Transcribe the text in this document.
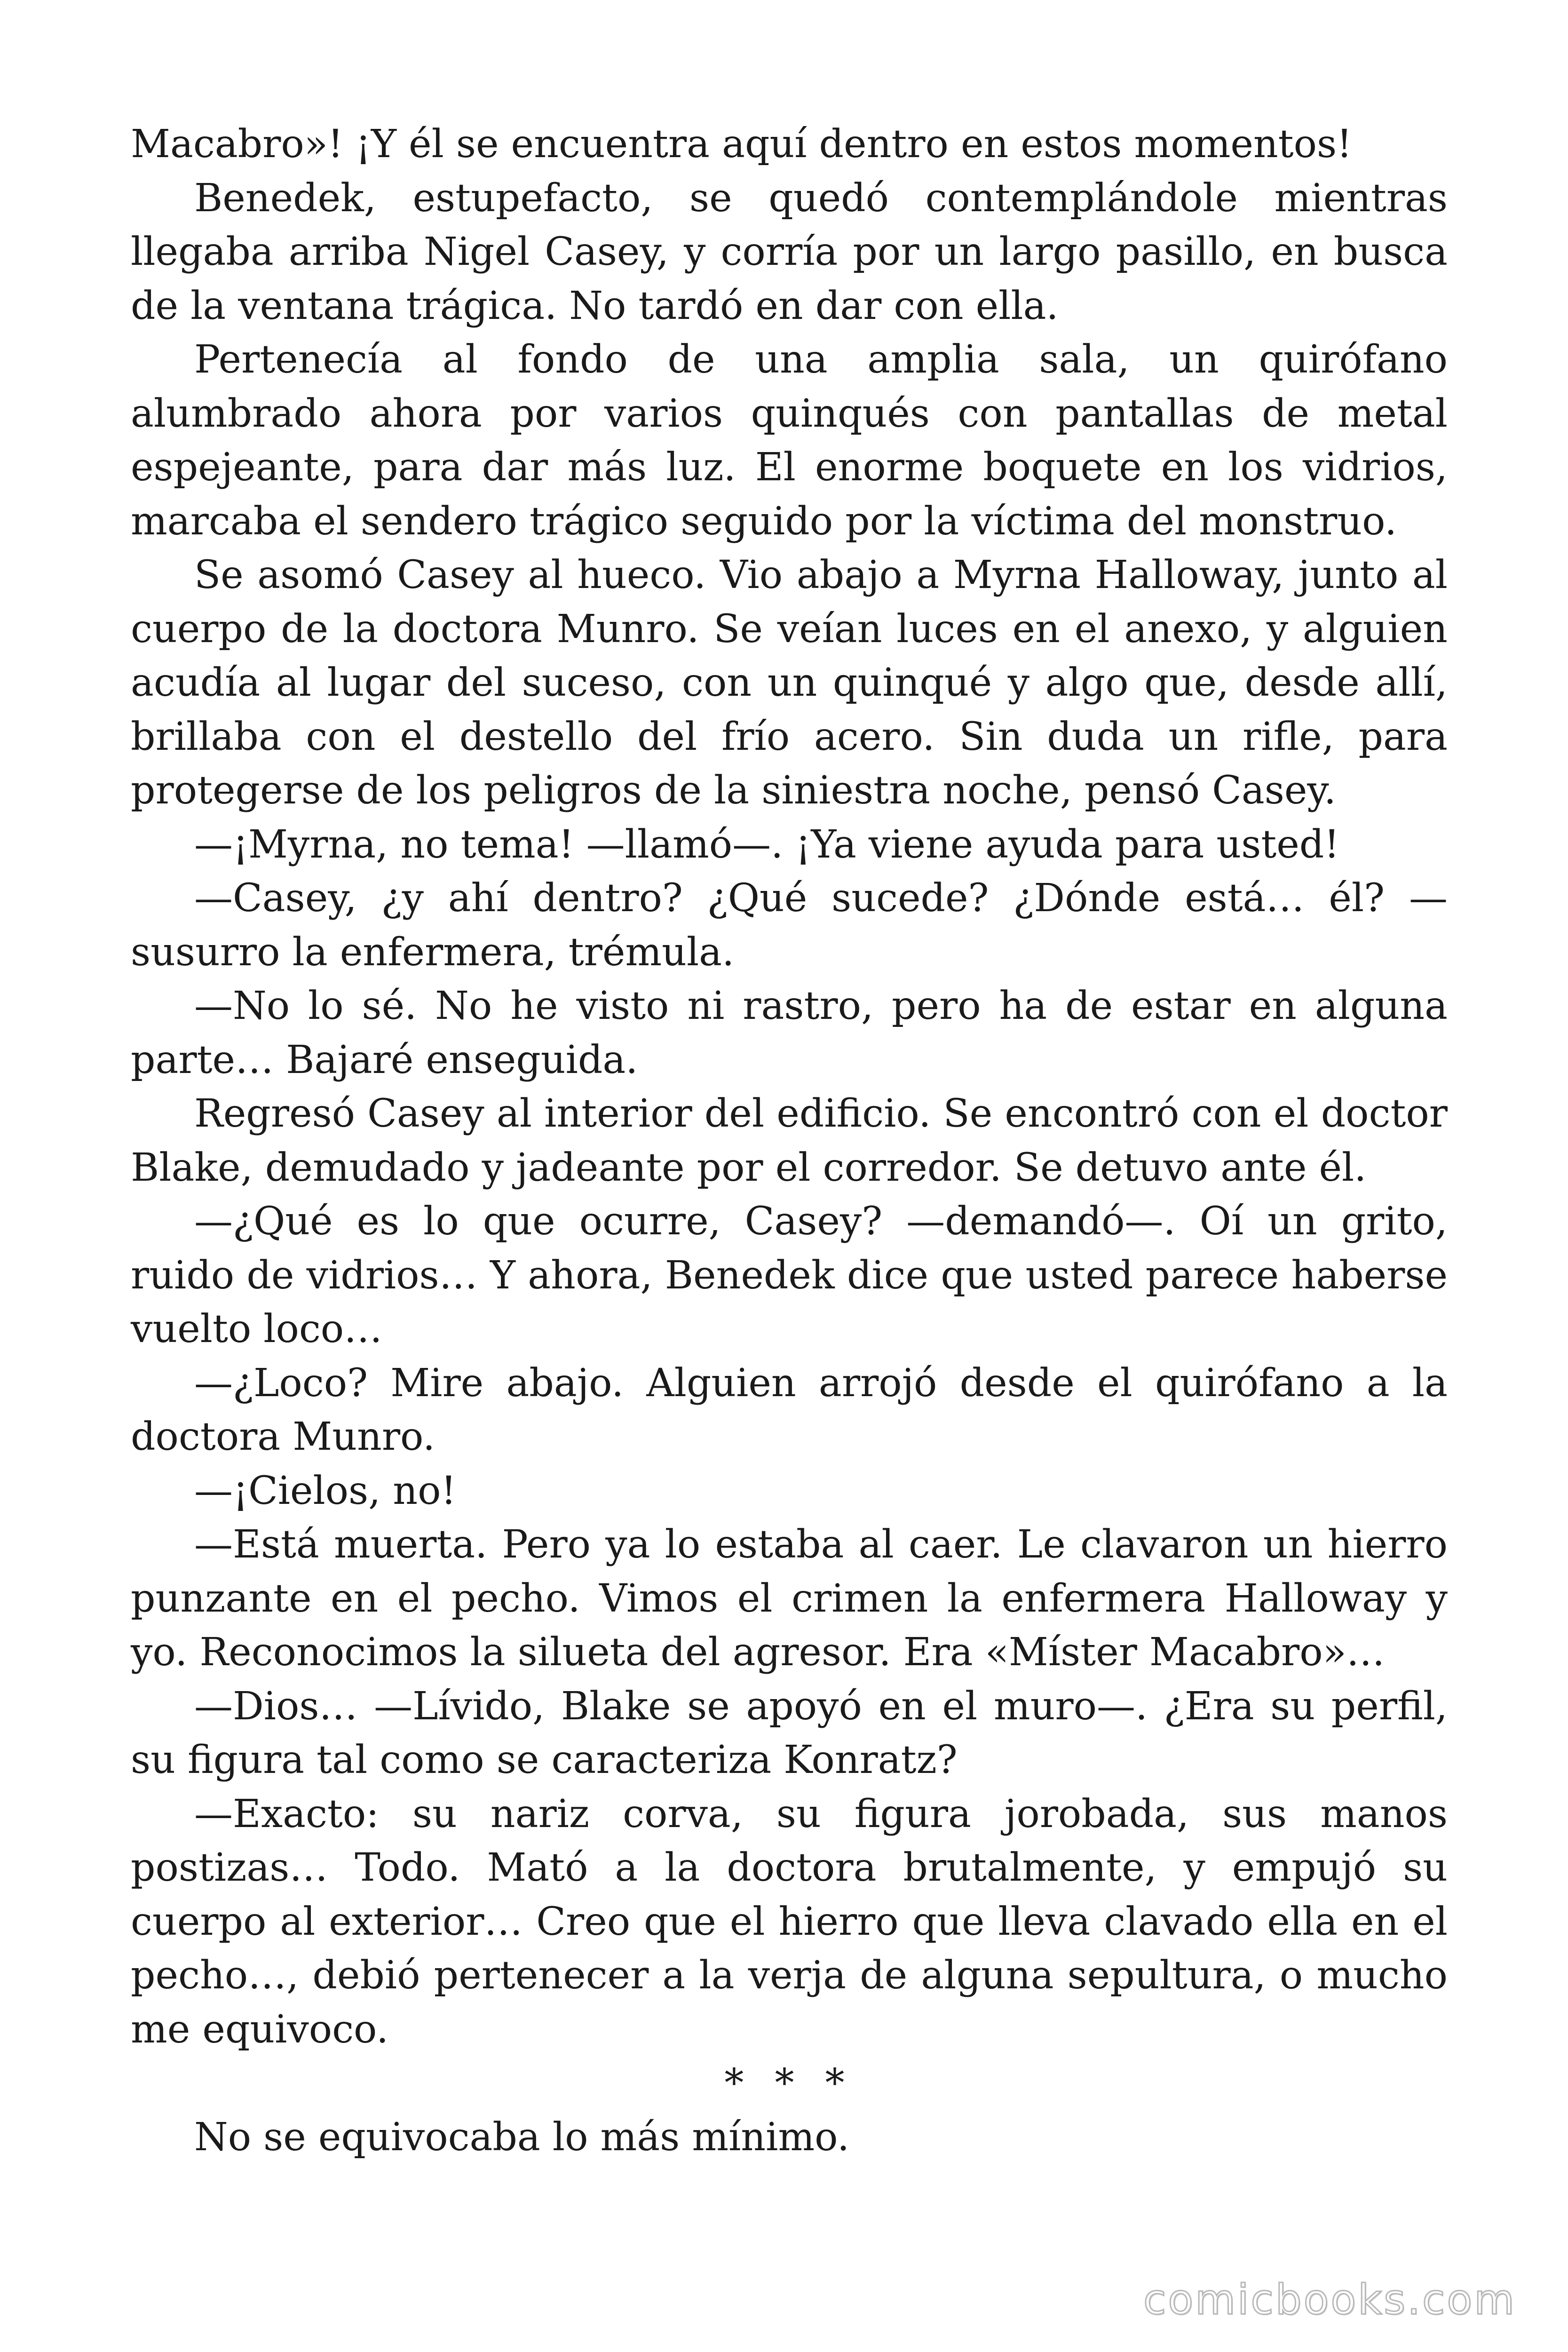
Macabro»! ¡Y él se encuentra aquí dentro en estos momentos!

Benedek, estupefacto, se quedó contemplándole mientras llegaba arriba Nigel Casey, y corría por un largo pasillo, en busca de la ventana trágica. No tardó en dar con ella.

Pertenecía al fondo de una amplia sala, un quirófano alumbrado ahora por varios quinqués con pantallas de metal espejeante, para dar más luz. El enorme boquete en los vidrios, marcaba el sendero trágico seguido por la víctima del monstruo.

Se asomó Casey al hueco. Vio abajo a Myrna Halloway, junto al cuerpo de la doctora Munro. Se veían luces en el anexo, y alguien acudía al lugar del suceso, con un quinqué y algo que, desde allí, brillaba con el destello del frío acero. Sin duda un rifle, para protegerse de los peligros de la siniestra noche, pensó Casey.

—¡Myrna, no tema! —llamó—. ¡Ya viene ayuda para usted!

—Casey, ¿y ahí dentro? ¿Qué sucede? ¿Dónde está… él? —susurro la enfermera, trémula.

—No lo sé. No he visto ni rastro, pero ha de estar en alguna parte… Bajaré enseguida.

Regresó Casey al interior del edificio. Se encontró con el doctor Blake, demudado y jadeante por el corredor. Se detuvo ante él.

—¿Qué es lo que ocurre, Casey? —demandó—. Oí un grito, ruido de vidrios… Y ahora, Benedek dice que usted parece haberse vuelto loco…

—¿Loco? Mire abajo. Alguien arrojó desde el quirófano a la doctora Munro.

—¡Cielos, no!

—Está muerta. Pero ya lo estaba al caer. Le clavaron un hierro punzante en el pecho. Vimos el crimen la enfermera Halloway y yo. Reconocimos la silueta del agresor. Era «Míster Macabro»…

—Dios… —Lívido, Blake se apoyó en el muro—. ¿Era su perfil, su figura tal como se caracteriza Konratz?

—Exacto: su nariz corva, su figura jorobada, sus manos postizas… Todo. Mató a la doctora brutalmente, y empujó su cuerpo al exterior… Creo que el hierro que lleva clavado ella en el pecho…, debió pertenecer a la verja de alguna sepultura, o mucho me equivoco.

* * *

No se equivocaba lo más mínimo.

comicbooks.com
